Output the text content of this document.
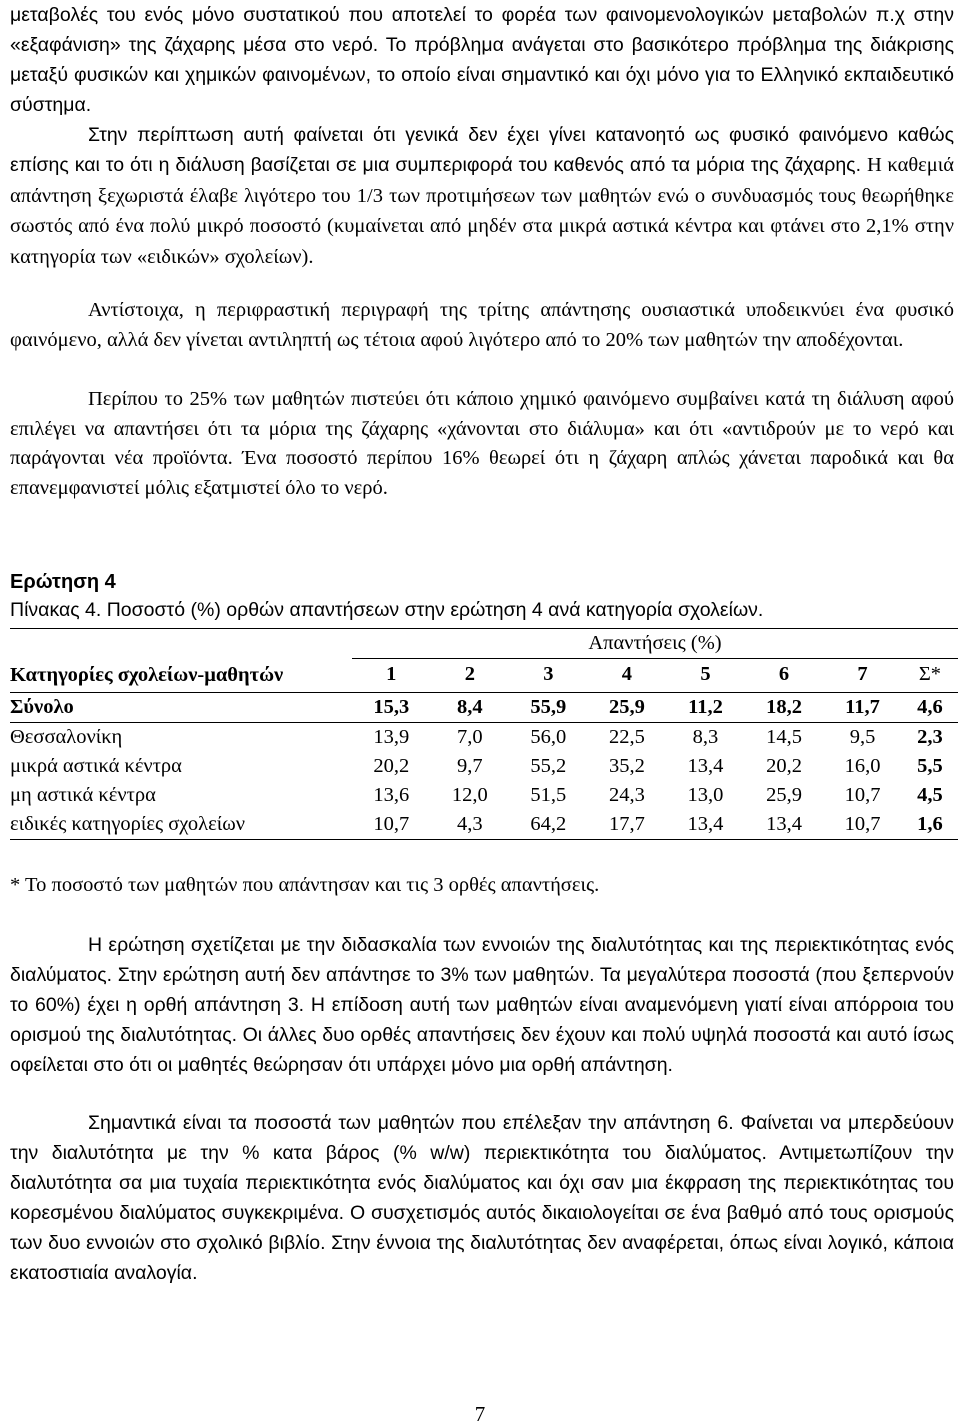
μεταβολές του ενός μόνο συστατικού που αποτελεί το φορέα των φαινομενολογικών μεταβολών π.χ στην «εξαφάνιση» της ζάχαρης μέσα στο νερό. Το πρόβλημα ανάγεται στο βασικότερο πρόβλημα της διάκρισης μεταξύ φυσικών και χημικών φαινομένων, το οποίο είναι σημαντικό και όχι μόνο για το Ελληνικό εκπαιδευτικό σύστημα.

Στην περίπτωση αυτή φαίνεται ότι γενικά δεν έχει γίνει κατανοητό ως φυσικό φαινόμενο καθώς επίσης και το ότι η διάλυση βασίζεται σε μια συμπεριφορά του καθενός από τα μόρια της ζάχαρης. Η καθεμιά απάντηση ξεχωριστά έλαβε λιγότερο του 1/3 των προτιμήσεων των μαθητών ενώ ο συνδυασμός τους θεωρήθηκε σωστός από ένα πολύ μικρό ποσοστό (κυμαίνεται από μηδέν στα μικρά αστικά κέντρα και φτάνει στο 2,1% στην κατηγορία των «ειδικών» σχολείων).

Αντίστοιχα, η περιφραστική περιγραφή της τρίτης απάντησης ουσιαστικά υποδεικνύει ένα φυσικό φαινόμενο, αλλά δεν γίνεται αντιληπτή ως τέτοια αφού λιγότερο από το 20% των μαθητών την αποδέχονται.

Περίπου το 25% των μαθητών πιστεύει ότι κάποιο χημικό φαινόμενο συμβαίνει κατά τη διάλυση αφού επιλέγει να απαντήσει ότι τα μόρια της ζάχαρης «χάνονται στο διάλυμα» και ότι «αντιδρούν με το νερό και παράγονται νέα προϊόντα. Ένα ποσοστό περίπου 16% θεωρεί ότι η ζάχαρη απλώς χάνεται παροδικά και θα επανεμφανιστεί μόλις εξατμιστεί όλο το νερό.

Ερώτηση 4
Πίνακας 4. Ποσοστό (%) ορθών απαντήσεων στην ερώτηση 4 ανά κατηγορία σχολείων.
	Απαντήσεις (%)							
Κατηγορίες σχολείων-μαθητών	1	2	3	4	5	6	7	Σ*
Σύνολο	15,3	8,4	55,9	25,9	11,2	18,2	11,7	4,6
Θεσσαλονίκη	13,9	7,0	56,0	22,5	8,3	14,5	9,5	2,3
μικρά αστικά κέντρα	20,2	9,7	55,2	35,2	13,4	20,2	16,0	5,5
μη αστικά κέντρα	13,6	12,0	51,5	24,3	13,0	25,9	10,7	4,5
ειδικές κατηγορίες σχολείων	10,7	4,3	64,2	17,7	13,4	13,4	10,7	1,6
* Το ποσοστό των μαθητών που απάντησαν και τις 3 ορθές απαντήσεις.

Η ερώτηση σχετίζεται με την διδασκαλία των εννοιών της διαλυτότητας και της περιεκτικότητας ενός διαλύματος. Στην ερώτηση αυτή δεν απάντησε το 3% των μαθητών. Τα μεγαλύτερα ποσοστά (που ξεπερνούν το 60%) έχει η ορθή απάντηση 3. Η επίδοση αυτή των μαθητών είναι αναμενόμενη γιατί είναι απόρροια του ορισμού της διαλυτότητας. Οι άλλες δυο ορθές απαντήσεις δεν έχουν και πολύ υψηλά ποσοστά και αυτό ίσως οφείλεται στο ότι οι μαθητές θεώρησαν ότι υπάρχει μόνο μια ορθή απάντηση.

Σημαντικά είναι τα ποσοστά των μαθητών που επέλεξαν την απάντηση 6. Φαίνεται να μπερδεύουν την διαλυτότητα με την % κατα βάρος (% w/w) περιεκτικότητα του διαλύματος. Αντιμετωπίζουν την διαλυτότητα σα μια τυχαία περιεκτικότητα ενός διαλύματος και όχι σαν μια έκφραση της περιεκτικότητας του κορεσμένου διαλύματος συγκεκριμένα. Ο συσχετισμός αυτός δικαιολογείται σε ένα βαθμό από τους ορισμούς των δυο εννοιών στο σχολικό βιβλίο. Στην έννοια της διαλυτότητας δεν αναφέρεται, όπως είναι λογικό, κάποια εκατοστιαία αναλογία.

7
